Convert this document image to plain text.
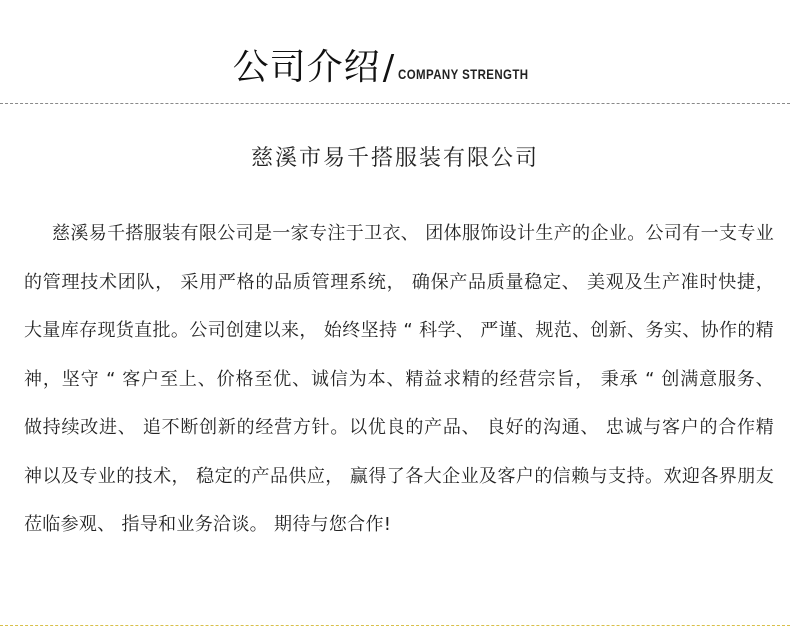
公司介绍 / COMPANY STRENGTH
慈溪市易千搭服装有限公司

慈溪易千搭服装有限公司是一家专注于卫衣、 团体服饰设计生产的企业。公司有一支专业的管理技术团队， 采用严格的品质管理系统， 确保产品质量稳定、 美观及生产准时快捷， 大量库存现货直批。公司创建以来， 始终坚持 “ 科学、 严谨、规范、创新、务实、协作的精神，坚守 “ 客户至上、价格至优、诚信为本、精益求精的经营宗旨， 秉承 “ 创满意服务、 做持续改进、 追不断创新的经营方针。以优良的产品、 良好的沟通、 忠诚与客户的合作精神以及专业的技术， 稳定的产品供应， 赢得了各大企业及客户的信赖与支持。欢迎各界朋友莅临参观、 指导和业务洽谈。 期待与您合作!
